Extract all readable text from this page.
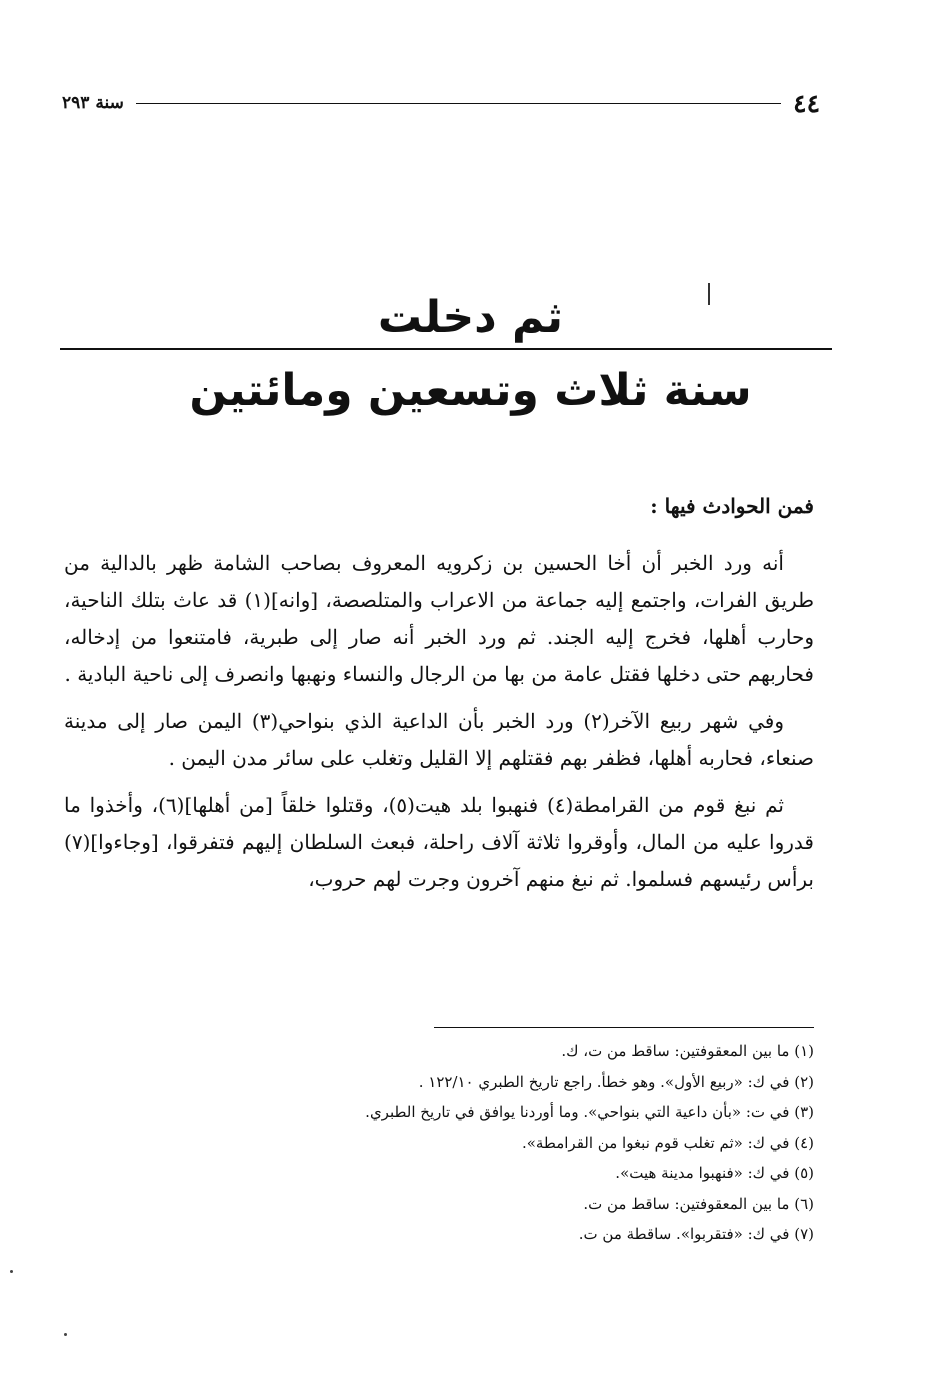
٤٤
سنة ٢٩٣
ثم دخلت
سنة ثلاث وتسعين ومائتين
فمن الحوادث فيها :

أنه ورد الخبر أن أخا الحسين بن زكرويه المعروف بصاحب الشامة ظهر بالدالية من طريق الفرات، واجتمع إليه جماعة من الاعراب والمتلصصة، [وانه](١) قد عاث بتلك الناحية، وحارب أهلها، فخرج إليه الجند. ثم ورد الخبر أنه صار إلى طبرية، فامتنعوا من إدخاله، فحاربهم حتى دخلها فقتل عامة من بها من الرجال والنساء ونهبها وانصرف إلى ناحية البادية .

وفي شهر ربيع الآخر(٢) ورد الخبر بأن الداعية الذي بنواحي(٣) اليمن صار إلى مدينة صنعاء، فحاربه أهلها، فظفر بهم فقتلهم إلا القليل وتغلب على سائر مدن اليمن .

ثم نبغ قوم من القرامطة(٤) فنهبوا بلد هيت(٥)، وقتلوا خلقاً [من أهلها](٦)، وأخذوا ما قدروا عليه من المال، وأوقروا ثلاثة آلاف راحلة، فبعث السلطان إليهم فتفرقوا، [وجاءوا](٧) برأس رئيسهم فسلموا. ثم نبغ منهم آخرون وجرت لهم حروب،

(١) ما بين المعقوفتين: ساقط من ت، ك.
(٢) في ك: «ربيع الأول». وهو خطأ. راجع تاريخ الطبري ١٢٢/١٠ .
(٣) في ت: «بأن داعية التي بنواحي». وما أوردنا يوافق في تاريخ الطبري.
(٤) في ك: «ثم تغلب قوم نبغوا من القرامطة».
(٥) في ك: «فنهبوا مدينة هيت».
(٦) ما بين المعقوفتين: ساقط من ت.
(٧) في ك: «فتقربوا». ساقطة من ت.
